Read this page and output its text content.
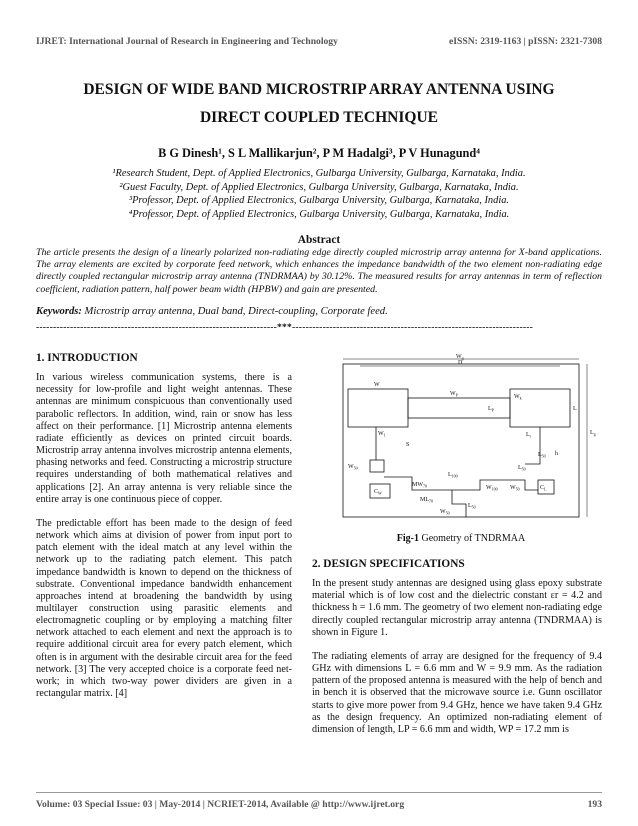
IJRET: International Journal of Research in Engineering and Technology	eISSN: 2319-1163 | pISSN: 2321-7308
DESIGN OF WIDE BAND MICROSTRIP ARRAY ANTENNA USING
DIRECT COUPLED TECHNIQUE
B G Dinesh¹, S L Mallikarjun², P M Hadalgi³, P V Hunagund⁴
¹Research Student, Dept. of Applied Electronics, Gulbarga University, Gulbarga, Karnataka, India.
²Guest Faculty, Dept. of Applied Electronics, Gulbarga University, Gulbarga, Karnataka, India.
³Professor, Dept. of Applied Electronics, Gulbarga University, Gulbarga, Karnataka, India.
⁴Professor, Dept. of Applied Electronics, Gulbarga University, Gulbarga, Karnataka, India.
Abstract
The article presents the design of a linearly polarized non-radiating edge directly coupled microstrip array antenna for X-band applications. The array elements are excited by corporate feed network, which enhances the impedance bandwidth of the two element non-radiating edge directly coupled rectangular microstrip array antenna (TNDRMAA) by 30.12%. The measured results for array antennas in term of reflection coefficient, radiation pattern, half power beam width (HPBW) and gain are presented.
Keywords: Microstrip array antenna, Dual band, Direct-coupling, Corporate feed.
-----------------------------------------------------------------------***-----------------------------------------------------------------------
1. INTRODUCTION

In various wireless communication systems, there is a necessity for low-profile and light weight antennas. These antennas are minimum conspicuous than conventionally used parabolic reflectors. In addition, wind, rain or snow has less affect on their performance. [1] Microstrip antenna elements radiate efficiently as devices on printed circuit boards. Microstrip array antenna involves microstrip antenna elements, phasing networks and feed. Constructing a microstrip structure requires understanding of both mathematical relatives and applications [2]. An array antenna is very reliable since the entire array is one continuous piece of copper.

The predictable effort has been made to the design of feed network which aims at division of power from input port to patch element with the ideal match at any level within the network up to the radiating patch element. This patch impedance bandwidth is known to depend on the thickness of substrate. Conventional impedance bandwidth enhancement approaches intend at broadening the bandwidth by using multilayer construction using parasitic elements and electromagnetic coupling or by employing a matching filter network attached to each element and next the approach is to require additional circuit area for every patch element, which often is in argument with the desirable circuit area for the feed network. [3] The very accepted choice is a corporate feed net-work; in which two-way power dividers are given in a rectangular matrix. [4]

$W_g$
$L_g$
D
W
L
$W_P$
$L_P$
$W_k$
$W_1$
S
$L_t$
h
$L_{50}$
$L_{50}$
$W_{50}$
$C_W$
$MW_{70}$
$L_{100}$
$ML_{70}$
$W_{100}$ $W_{50}$	$C_L$
$W_{50}$
$L_{50}$
Fig-1 Geometry of TNDRMAA
2. DESIGN SPECIFICATIONS

In the present study antennas are designed using glass epoxy substrate material which is of low cost and the dielectric constant εr = 4.2 and thickness h = 1.6 mm. The geometry of two element non-radiating edge directly coupled rectangular microstrip array antenna (TNDRMAA) is shown in Figure 1.

The radiating elements of array are designed for the frequency of 9.4 GHz with dimensions L = 6.6 mm and W = 9.9 mm. As the radiation pattern of the proposed antenna is measured with the help of bench and in bench it is observed that the microwave source i.e. Gunn oscillator starts to give more power from 9.4 GHz, hence we have taken 9.4 GHz as the design frequency. An optimized non-radiating element of dimension of length, LP = 6.6 mm and width, WP = 17.2 mm is

Volume: 03 Special Issue: 03 | May-2014 | NCRIET-2014, Available @ http://www.ijret.org	193
